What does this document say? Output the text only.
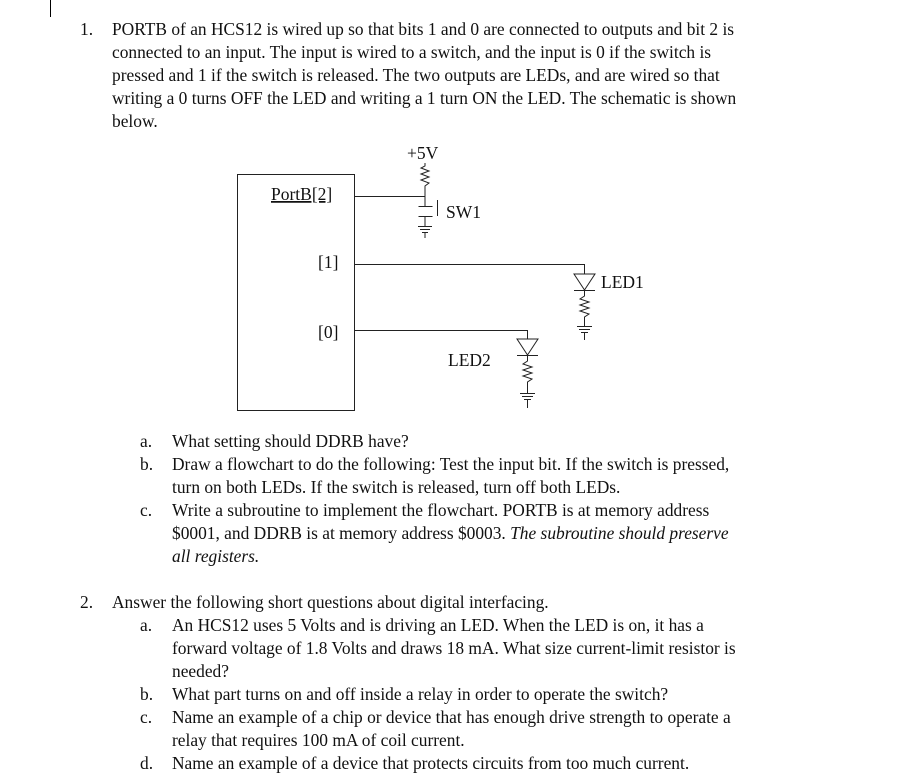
1. PORTB of an HCS12 is wired up so that bits 1 and 0 are connected to outputs and bit 2 is
connected to an input. The input is wired to a switch, and the input is 0 if the switch is
pressed and 1 if the switch is released. The two outputs are LEDs, and are wired so that
writing a 0 turns OFF the LED and writing a 1 turn ON the LED. The schematic is shown
below.
+5V
PortB[2]
SW1
[1]
LED1
[0]
LED2
a. What setting should DDRB have?
b. Draw a flowchart to do the following: Test the input bit. If the switch is pressed,
turn on both LEDs. If the switch is released, turn off both LEDs.
c. Write a subroutine to implement the flowchart. PORTB is at memory address
$0001, and DDRB is at memory address $0003. The subroutine should preserve
all registers.
2. Answer the following short questions about digital interfacing.
a. An HCS12 uses 5 Volts and is driving an LED. When the LED is on, it has a
forward voltage of 1.8 Volts and draws 18 mA. What size current-limit resistor is
needed?
b. What part turns on and off inside a relay in order to operate the switch?
c. Name an example of a chip or device that has enough drive strength to operate a
relay that requires 100 mA of coil current.
d. Name an example of a device that protects circuits from too much current.
